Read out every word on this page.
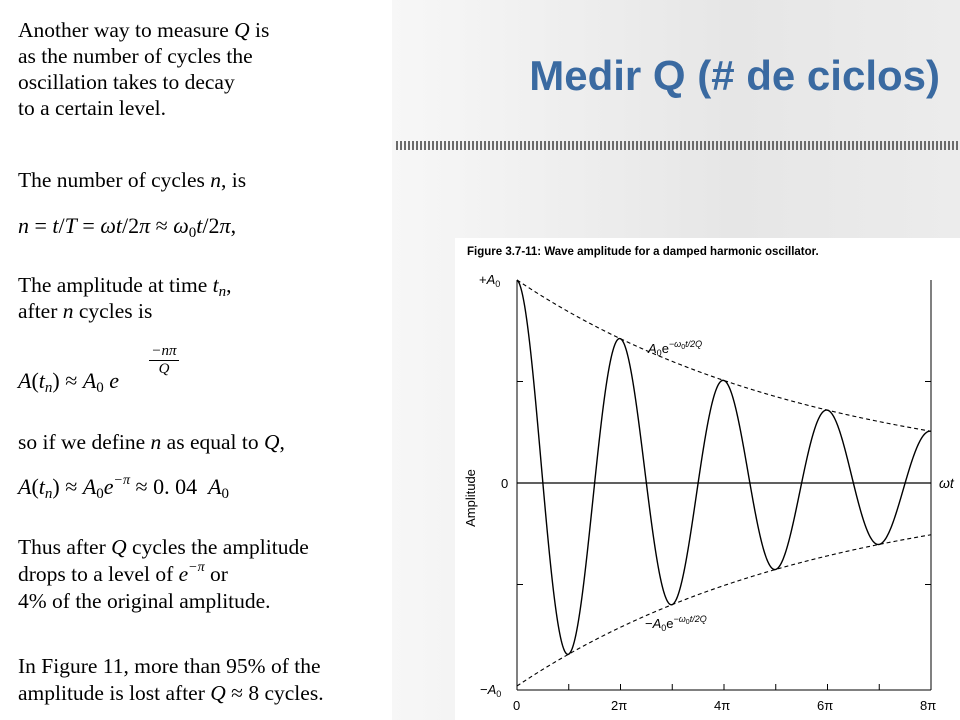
Another way to measure Q is

as the number of cycles the

oscillation takes to decay

to a certain level.

The number of cycles n, is

$n = t/T = \omega t/2\pi \approx \omega_0t/2\pi$,

The amplitude at time $t_n$,

after n cycles is

$A(t_n) \approx A_0$ e
$\frac{-n\pi}{Q}$

so if we define n as equal to Q,

$A(t_n) \approx A_0e^{-\pi} \approx 0$. 04  $A_0$

Thus after Q cycles the amplitude

drops to a level of $e^{-\pi}$ or

4% of the original amplitude.

In Figure 11, more than 95% of the

amplitude is lost after Q ≈ 8 cycles.

Medir Q (# de ciclos)

Figure 3.7-11: Wave amplitude for a damped harmonic oscillator.

$+A_0$
0
$-A_0$
0	2π	4π	6π	8π
Amplitude	ωt
$A_0e^{-\omega}0t/2Q$
$-A_0e^{-\omega}0t/2Q$
